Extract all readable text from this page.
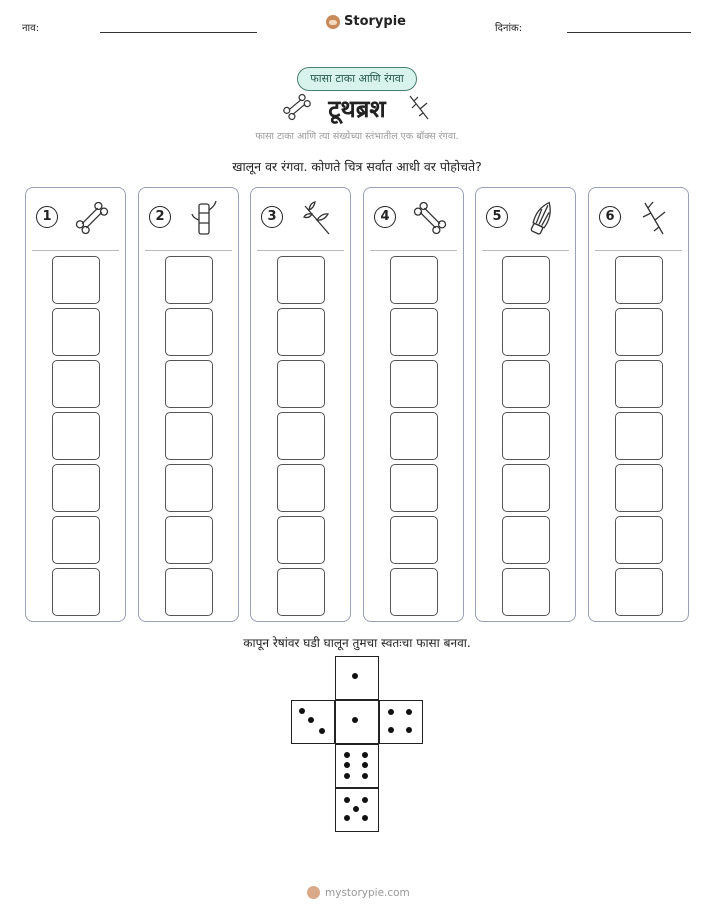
नाव:	Storypie	दिनांक:
फासा टाका आणि रंगवा
टूथब्रश
फासा टाका आणि त्या संख्येच्या स्तंभातील एक बॉक्स रंगवा.
खालून वर रंगवा. कोणते चित्र सर्वात आधी वर पोहोचते?
1	2	3	4	5	6
कापून रेषांवर घडी घालून तुमचा स्वतःचा फासा बनवा.
mystorypie.com
